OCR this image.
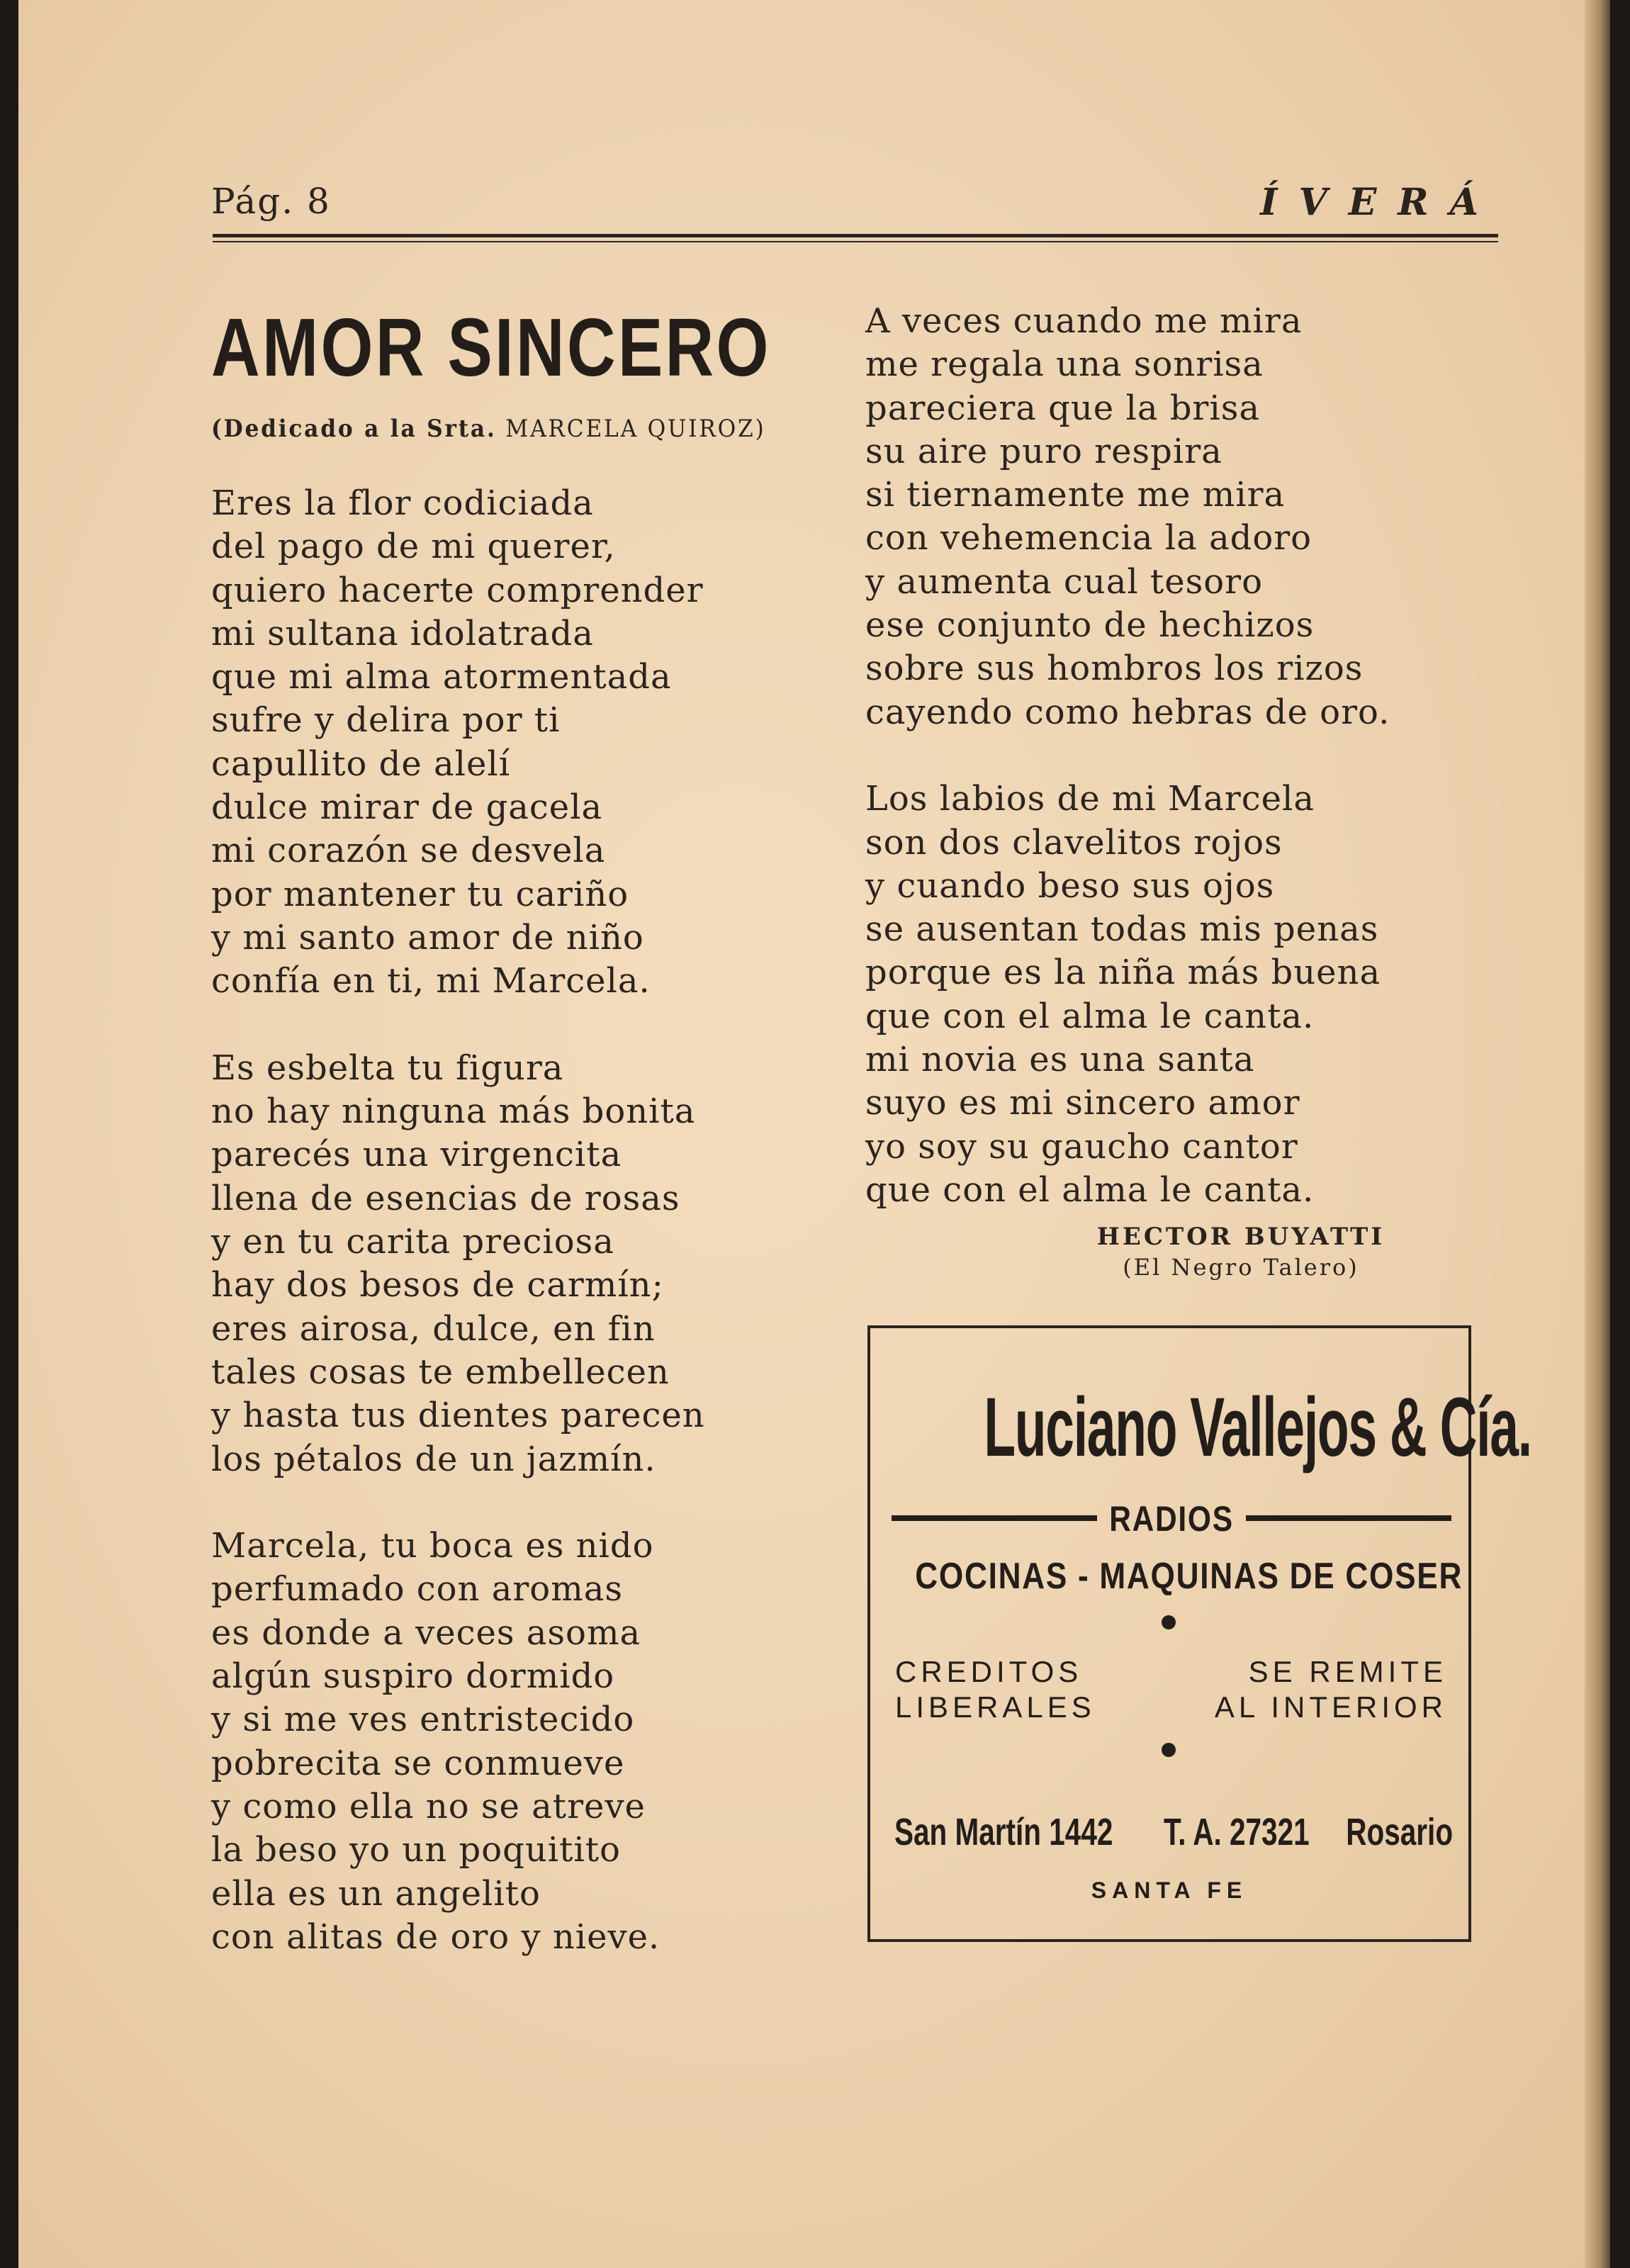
Pág. 8	ÍVERÁ
AMOR SINCERO
(Dedicado a la Srta. MARCELA QUIROZ)
Eres la flor codiciada
del pago de mi querer,
quiero hacerte comprender
mi sultana idolatrada
que mi alma atormentada
sufre y delira por ti
capullito de alelí
dulce mirar de gacela
mi corazón se desvela
por mantener tu cariño
y mi santo amor de niño
confía en ti, mi Marcela.
Es esbelta tu figura
no hay ninguna más bonita
parecés una virgencita
llena de esencias de rosas
y en tu carita preciosa
hay dos besos de carmín;
eres airosa, dulce, en fin
tales cosas te embellecen
y hasta tus dientes parecen
los pétalos de un jazmín.
Marcela, tu boca es nido
perfumado con aromas
es donde a veces asoma
algún suspiro dormido
y si me ves entristecido
pobrecita se conmueve
y como ella no se atreve
la beso yo un poquitito
ella es un angelito
con alitas de oro y nieve.
A veces cuando me mira
me regala una sonrisa
pareciera que la brisa
su aire puro respira
si tiernamente me mira
con vehemencia la adoro
y aumenta cual tesoro
ese conjunto de hechizos
sobre sus hombros los rizos
cayendo como hebras de oro.
Los labios de mi Marcela
son dos clavelitos rojos
y cuando beso sus ojos
se ausentan todas mis penas
porque es la niña más buena
que con el alma le canta.
mi novia es una santa
suyo es mi sincero amor
yo soy su gaucho cantor
que con el alma le canta.
HECTOR BUYATTI
(El Negro Talero)
Luciano Vallejos & Cía.
RADIOS
COCINAS - MAQUINAS DE COSER
CREDITOS
LIBERALES
SE REMITE
AL INTERIOR
San Martín 1442 T. A. 27321 Rosario
SANTA FE
